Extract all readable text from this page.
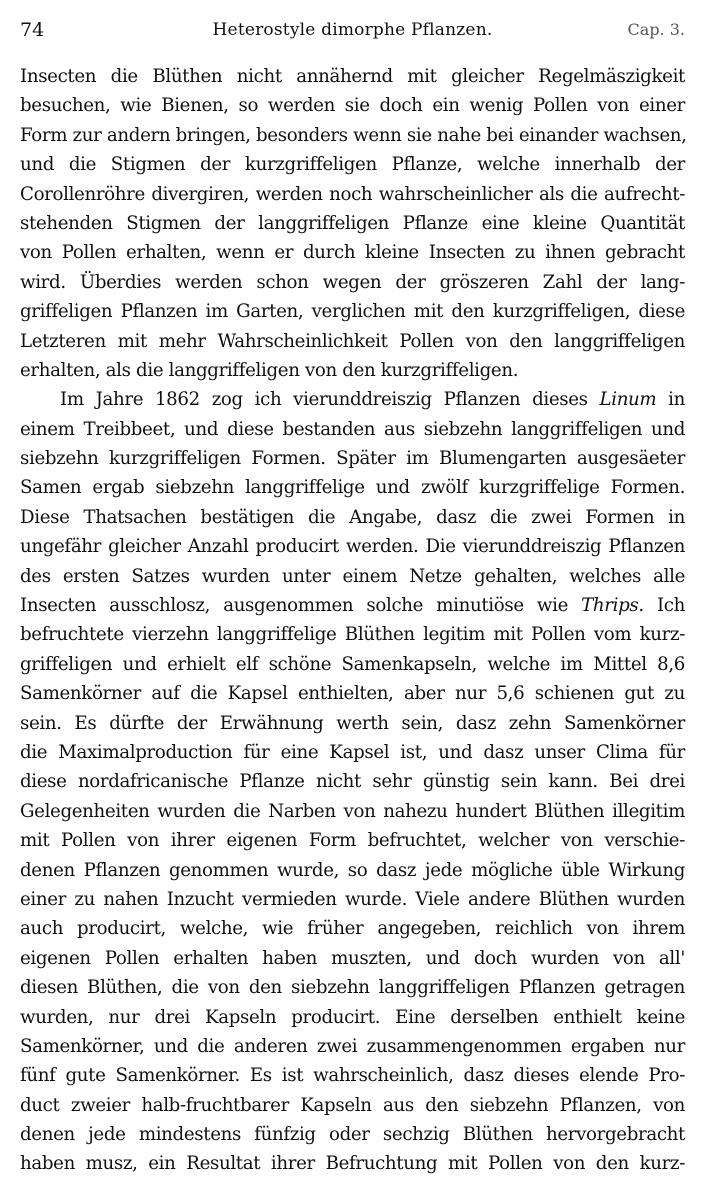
74	Heterostyle dimorphe Pflanzen.	Cap. 3.
Insecten die Blüthen nicht annähernd mit gleicher Regelmäszigkeit
besuchen, wie Bienen, so werden sie doch ein wenig Pollen von einer
Form zur andern bringen, besonders wenn sie nahe bei einander wachsen,
und die Stigmen der kurzgriffeligen Pflanze, welche innerhalb der
Corollenröhre divergiren, werden noch wahrscheinlicher als die aufrecht-
stehenden Stigmen der langgriffeligen Pflanze eine kleine Quantität
von Pollen erhalten, wenn er durch kleine Insecten zu ihnen gebracht
wird. Überdies werden schon wegen der gröszeren Zahl der lang-
griffeligen Pflanzen im Garten, verglichen mit den kurzgriffeligen, diese
Letzteren mit mehr Wahrscheinlichkeit Pollen von den langgriffeligen
erhalten, als die langgriffeligen von den kurzgriffeligen.
Im Jahre 1862 zog ich vierunddreiszig Pflanzen dieses Linum in
einem Treibbeet, und diese bestanden aus siebzehn langgriffeligen und
siebzehn kurzgriffeligen Formen. Später im Blumengarten ausgesäeter
Samen ergab siebzehn langgriffelige und zwölf kurzgriffelige Formen.
Diese Thatsachen bestätigen die Angabe, dasz die zwei Formen in
ungefähr gleicher Anzahl producirt werden. Die vierunddreiszig Pflanzen
des ersten Satzes wurden unter einem Netze gehalten, welches alle
Insecten ausschlosz, ausgenommen solche minutiöse wie Thrips. Ich
befruchtete vierzehn langgriffelige Blüthen legitim mit Pollen vom kurz-
griffeligen und erhielt elf schöne Samenkapseln, welche im Mittel 8,6
Samenkörner auf die Kapsel enthielten, aber nur 5,6 schienen gut zu
sein. Es dürfte der Erwähnung werth sein, dasz zehn Samenkörner
die Maximalproduction für eine Kapsel ist, und dasz unser Clima für
diese nordafricanische Pflanze nicht sehr günstig sein kann. Bei drei
Gelegenheiten wurden die Narben von nahezu hundert Blüthen illegitim
mit Pollen von ihrer eigenen Form befruchtet, welcher von verschie-
denen Pflanzen genommen wurde, so dasz jede mögliche üble Wirkung
einer zu nahen Inzucht vermieden wurde. Viele andere Blüthen wurden
auch producirt, welche, wie früher angegeben, reichlich von ihrem
eigenen Pollen erhalten haben muszten, und doch wurden von all'
diesen Blüthen, die von den siebzehn langgriffeligen Pflanzen getragen
wurden, nur drei Kapseln producirt. Eine derselben enthielt keine
Samenkörner, und die anderen zwei zusammengenommen ergaben nur
fünf gute Samenkörner. Es ist wahrscheinlich, dasz dieses elende Pro-
duct zweier halb-fruchtbarer Kapseln aus den siebzehn Pflanzen, von
denen jede mindestens fünfzig oder sechzig Blüthen hervorgebracht
haben musz, ein Resultat ihrer Befruchtung mit Pollen von den kurz-
